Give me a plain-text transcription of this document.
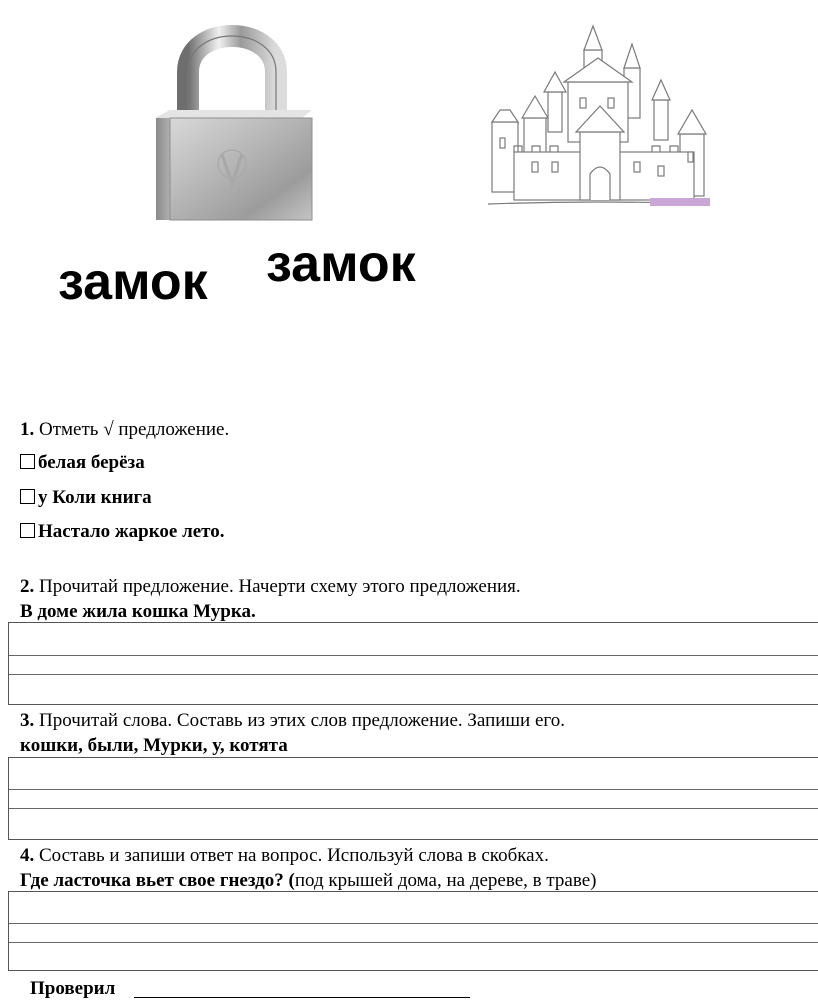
замок замок
1. Отметь √ предложение.
белая берёза
у Коли книга
Настало жаркое лето.
2. Прочитай предложение. Начерти схему этого предложения.
В доме жила кошка Мурка.
3. Прочитай слова. Составь из этих слов предложение. Запиши его.
кошки, были, Мурки, у, котята
4. Составь и запиши ответ на вопрос. Используй слова в скобках.
Где ласточка вьет свое гнездо? (под крышей дома, на дереве, в траве)
Проверил
